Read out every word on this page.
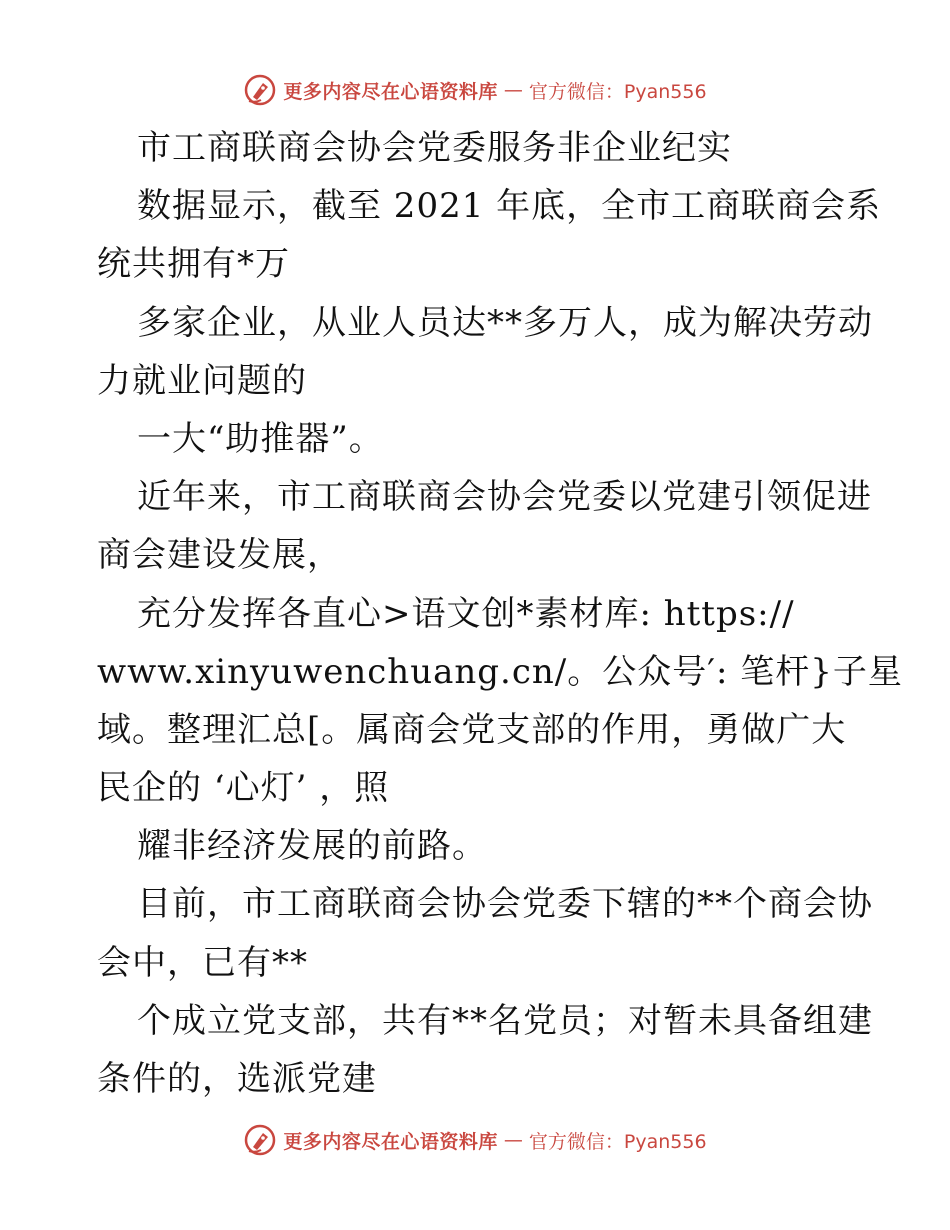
更多内容尽在心语资料库 — 官方微信：Pyan556
市工商联商会协会党委服务非企业纪实
数据显示，截至 2021 年底，全市工商联商会系
统共拥有*万
多家企业，从业人员达**多万人，成为解决劳动
力就业问题的
一大“助推器”。
近年来，市工商联商会协会党委以党建引领促进
商会建设发展，
充分发挥各直心>语文创*素材库: https://
www.xinyuwenchuang.cn/。公众号′: 笔杆}子星
域。整理汇总[。属商会党支部的作用，勇做广大
民企的 ‘心灯’ ，照
耀非经济发展的前路。
目前，市工商联商会协会党委下辖的**个商会协
会中，已有**
个成立党支部，共有**名党员；对暂未具备组建
条件的，选派党建
更多内容尽在心语资料库 — 官方微信：Pyan556
